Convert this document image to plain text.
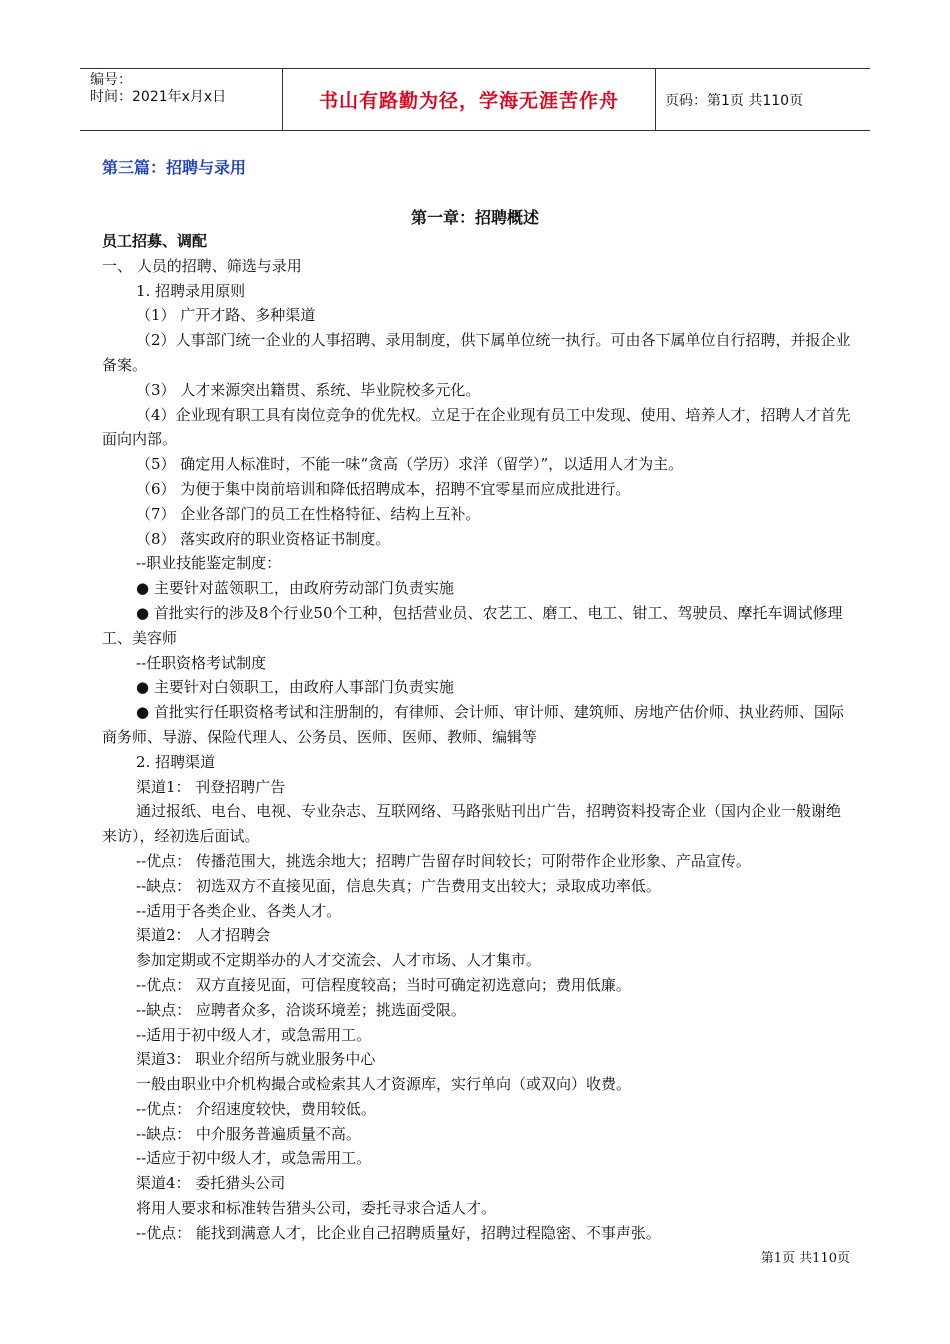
编号：
时间：2021年x月x日	书山有路勤为径，学海无涯苦作舟	页码：第1页 共110页
第三篇：招聘与录用
第一章：招聘概述

员工招募、调配

一、 人员的招聘、筛选与录用

1. 招聘录用原则

（1） 广开才路、多种渠道

（2）人事部门统一企业的人事招聘、录用制度，供下属单位统一执行。可由各下属单位自行招聘，并报企业备案。

（3） 人才来源突出籍贯、系统、毕业院校多元化。

（4）企业现有职工具有岗位竞争的优先权。立足于在企业现有员工中发现、使用、培养人才，招聘人才首先面向内部。

（5） 确定用人标准时，不能一味“贪高（学历）求洋（留学）”，以适用人才为主。

（6） 为便于集中岗前培训和降低招聘成本，招聘不宜零星而应成批进行。

（7） 企业各部门的员工在性格特征、结构上互补。

（8） 落实政府的职业资格证书制度。

--职业技能鉴定制度：

● 主要针对蓝领职工，由政府劳动部门负责实施

● 首批实行的涉及8个行业50个工种，包括营业员、农艺工、磨工、电工、钳工、驾驶员、摩托车调试修理工、美容师

--任职资格考试制度

● 主要针对白领职工，由政府人事部门负责实施

● 首批实行任职资格考试和注册制的，有律师、会计师、审计师、建筑师、房地产估价师、执业药师、国际商务师、导游、保险代理人、公务员、医师、医师、教师、编辑等

2. 招聘渠道

渠道1： 刊登招聘广告

通过报纸、电台、电视、专业杂志、互联网络、马路张贴刊出广告，招聘资料投寄企业（国内企业一般谢绝来访），经初选后面试。

--优点： 传播范围大，挑选余地大；招聘广告留存时间较长；可附带作企业形象、产品宣传。

--缺点： 初选双方不直接见面，信息失真；广告费用支出较大；录取成功率低。

--适用于各类企业、各类人才。

渠道2： 人才招聘会

参加定期或不定期举办的人才交流会、人才市场、人才集市。

--优点： 双方直接见面，可信程度较高；当时可确定初选意向；费用低廉。

--缺点： 应聘者众多，洽谈环境差；挑选面受限。

--适用于初中级人才，或急需用工。

渠道3： 职业介绍所与就业服务中心

一般由职业中介机构撮合或检索其人才资源库，实行单向（或双向）收费。

--优点： 介绍速度较快，费用较低。

--缺点： 中介服务普遍质量不高。

--适应于初中级人才，或急需用工。

渠道4： 委托猎头公司

将用人要求和标准转告猎头公司，委托寻求合适人才。

--优点： 能找到满意人才，比企业自己招聘质量好，招聘过程隐密、不事声张。

第1页 共110页
